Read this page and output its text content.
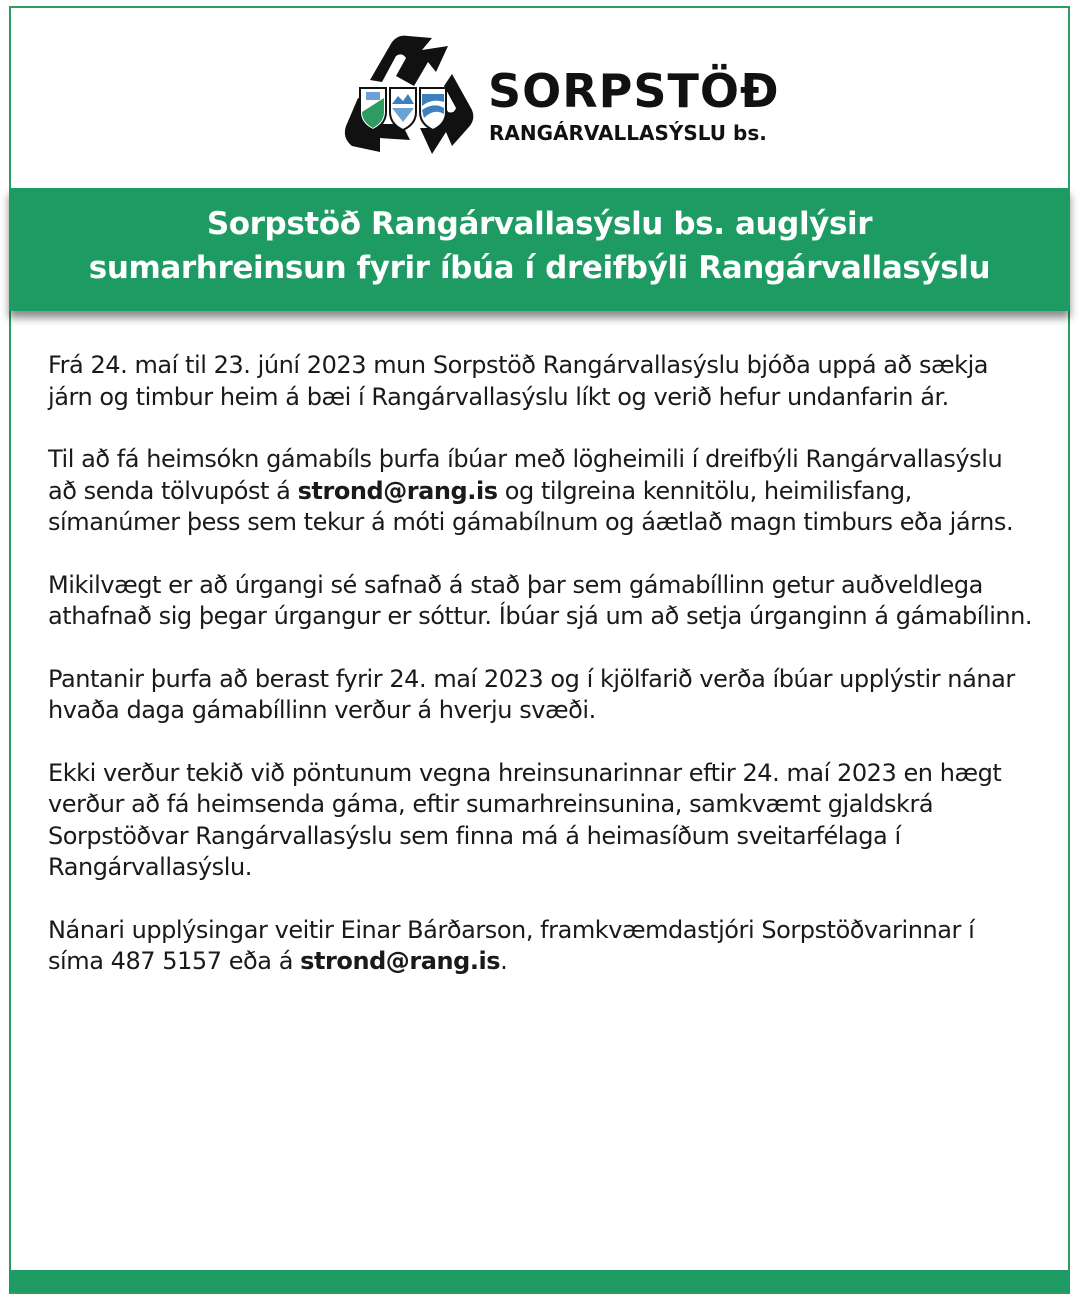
SORPSTÖÐ
RANGÁRVALLASÝSLU bs.
Sorpstöð Rangárvallasýslu bs. auglýsir
sumarhreinsun fyrir íbúa í dreifbýli Rangárvallasýslu

Frá 24. maí til 23. júní 2023 mun Sorpstöð Rangárvallasýslu bjóða uppá að sækja járn og timbur heim á bæi í Rangárvallasýslu líkt og verið hefur undanfarin ár.

Til að fá heimsókn gámabíls þurfa íbúar með lögheimili í dreifbýli Rangárvallasýslu að senda tölvupóst á strond@rang.is og tilgreina kennitölu, heimilisfang, símanúmer þess sem tekur á móti gámabílnum og áætlað magn timburs eða járns.

Mikilvægt er að úrgangi sé safnað á stað þar sem gámabíllinn getur auðveldlega athafnað sig þegar úrgangur er sóttur. Íbúar sjá um að setja úrganginn á gámabílinn.

Pantanir þurfa að berast fyrir 24. maí 2023 og í kjölfarið verða íbúar upplýstir nánar hvaða daga gámabíllinn verður á hverju svæði.

Ekki verður tekið við pöntunum vegna hreinsunarinnar eftir 24. maí 2023 en hægt verður að fá heimsenda gáma, eftir sumarhreinsunina, samkvæmt gjaldskrá Sorpstöðvar Rangárvallasýslu sem finna má á heimasíðum sveitarfélaga í Rangárvallasýslu.

Nánari upplýsingar veitir Einar Bárðarson, framkvæmdastjóri Sorpstöðvarinnar í síma 487 5157 eða á strond@rang.is.
